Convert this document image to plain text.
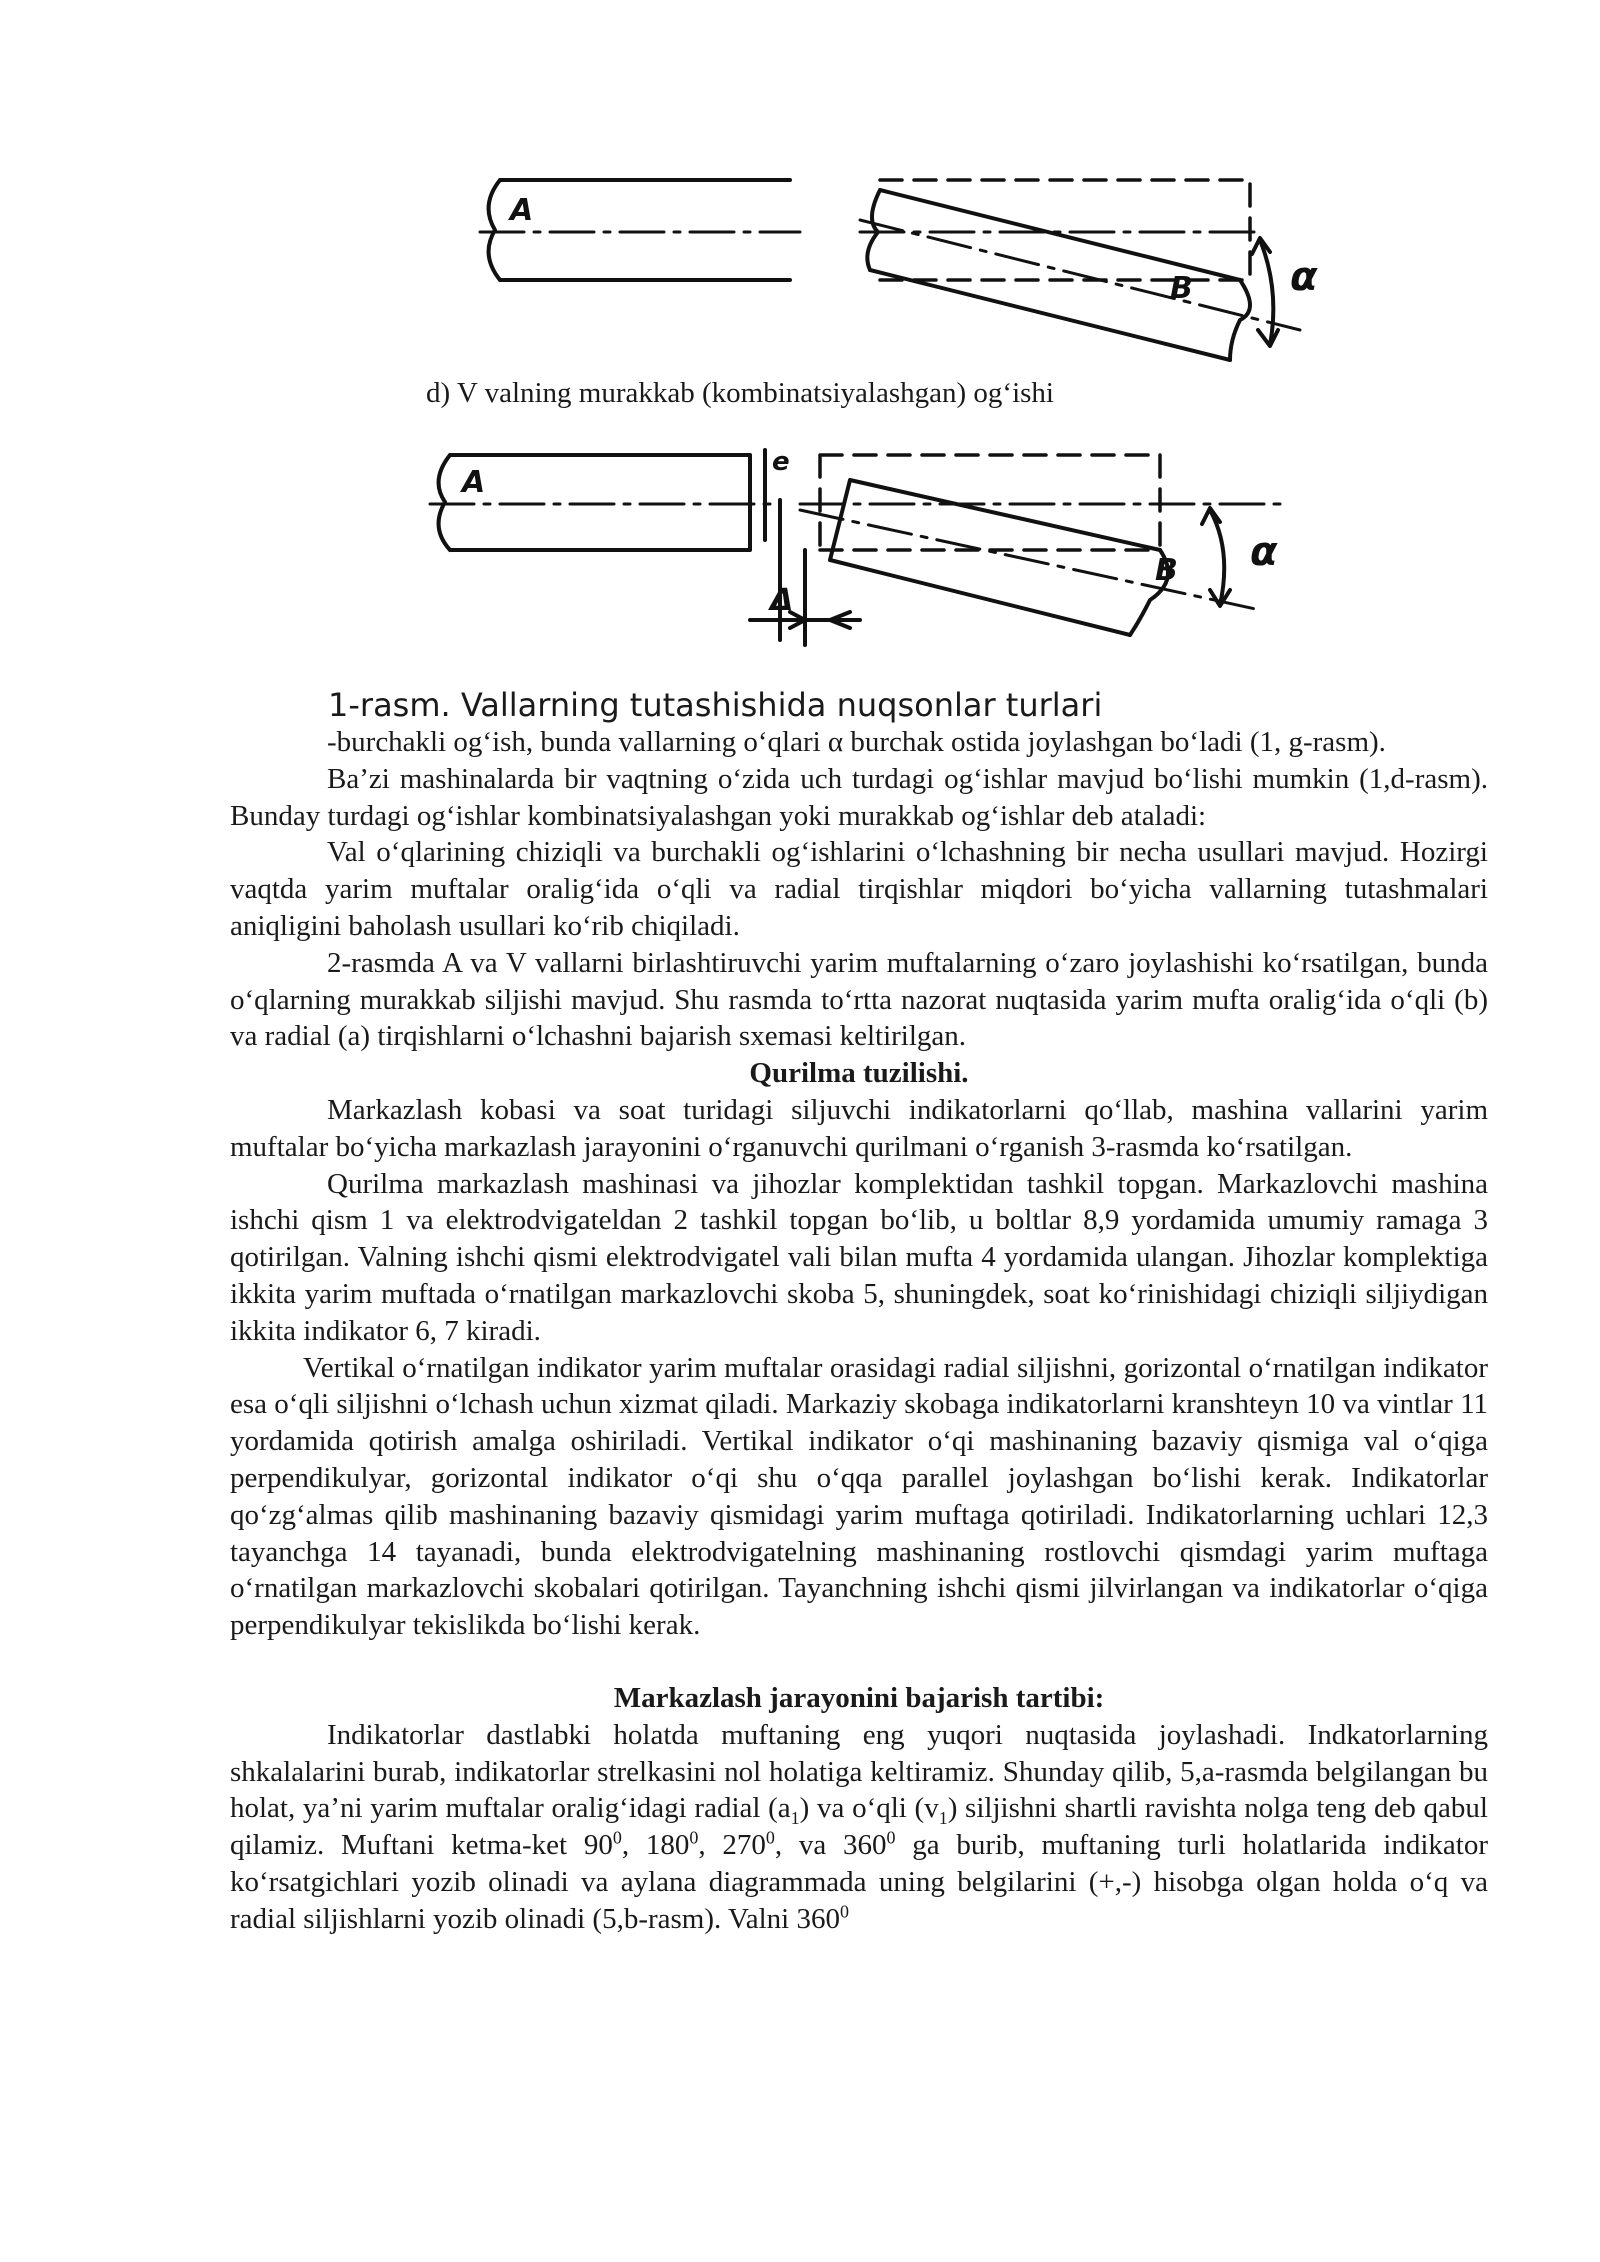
A
B α
d) V valning murakkab (kombinatsiyalashgan) og‘ishi
A
B α
Δ
e
1-rasm. Vallarning tutashishida nuqsonlar turlari

-burchakli og‘ish, bunda vallarning o‘qlari α burchak ostida joylashgan bo‘ladi (1, g-rasm).

Ba’zi mashinalarda bir vaqtning o‘zida uch turdagi og‘ishlar mavjud bo‘lishi mumkin (1,d-rasm). Bunday turdagi og‘ishlar kombinatsiyalashgan yoki murakkab og‘ishlar deb ataladi:

Val o‘qlarining chiziqli va burchakli og‘ishlarini o‘lchashning bir necha usullari mavjud. Hozirgi vaqtda yarim muftalar oralig‘ida o‘qli va radial tirqishlar miqdori bo‘yicha vallarning tutashmalari aniqligini baholash usullari ko‘rib chiqiladi.

2-rasmda A va V vallarni birlashtiruvchi yarim muftalarning o‘zaro joylashishi ko‘rsatilgan, bunda o‘qlarning murakkab siljishi mavjud. Shu rasmda to‘rtta nazorat nuqtasida yarim mufta oralig‘ida o‘qli (b) va radial (a) tirqishlarni o‘lchashni bajarish sxemasi keltirilgan.

Qurilma tuzilishi.

Markazlash kobasi va soat turidagi siljuvchi indikatorlarni qo‘llab, mashina vallarini yarim muftalar bo‘yicha markazlash jarayonini o‘rganuvchi qurilmani o‘rganish 3-rasmda ko‘rsatilgan.

Qurilma markazlash mashinasi va jihozlar komplektidan tashkil topgan. Markazlovchi mashina ishchi qism 1 va elektrodvigateldan 2 tashkil topgan bo‘lib, u boltlar 8,9 yordamida umumiy ramaga 3 qotirilgan. Valning ishchi qismi elektrodvigatel vali bilan mufta 4 yordamida ulangan. Jihozlar komplektiga ikkita yarim muftada o‘rnatilgan markazlovchi skoba 5, shuningdek, soat ko‘rinishidagi chiziqli siljiydigan ikkita indikator 6, 7 kiradi.

Vertikal o‘rnatilgan indikator yarim muftalar orasidagi radial siljishni, gorizontal o‘rnatilgan indikator esa o‘qli siljishni o‘lchash uchun xizmat qiladi. Markaziy skobaga indikatorlarni kranshteyn 10 va vintlar 11 yordamida qotirish amalga oshiriladi. Vertikal indikator o‘qi mashinaning bazaviy qismiga val o‘qiga perpendikulyar, gorizontal indikator o‘qi shu o‘qqa parallel joylashgan bo‘lishi kerak. Indikatorlar qo‘zg‘almas qilib mashinaning bazaviy qismidagi yarim muftaga qotiriladi. Indikatorlarning uchlari 12,3 tayanchga 14 tayanadi, bunda elektrodvigatelning mashinaning rostlovchi qismdagi yarim muftaga o‘rnatilgan markazlovchi skobalari qotirilgan. Tayanchning ishchi qismi jilvirlangan va indikatorlar o‘qiga perpendikulyar tekislikda bo‘lishi kerak.

Markazlash jarayonini bajarish tartibi:

Indikatorlar dastlabki holatda muftaning eng yuqori nuqtasida joylashadi. Indkatorlarning shkalalarini burab, indikatorlar strelkasini nol holatiga keltiramiz. Shunday qilib, 5,a-rasmda belgilangan bu holat, ya’ni yarim muftalar oralig‘idagi radial $(a_1)$ va o‘qli $(v_1)$ siljishni shartli ravishta nolga teng deb qabul qilamiz. Muftani ketma-ket $90^0$, $180^0$, $270^0$, va $360^0$ ga burib, muftaning turli holatlarida indikator ko‘rsatgichlari yozib olinadi va aylana diagrammada uning belgilarini (+,-) hisobga olgan holda o‘q va radial siljishlarni yozib olinadi (5,b-rasm). Valni $360^0$
